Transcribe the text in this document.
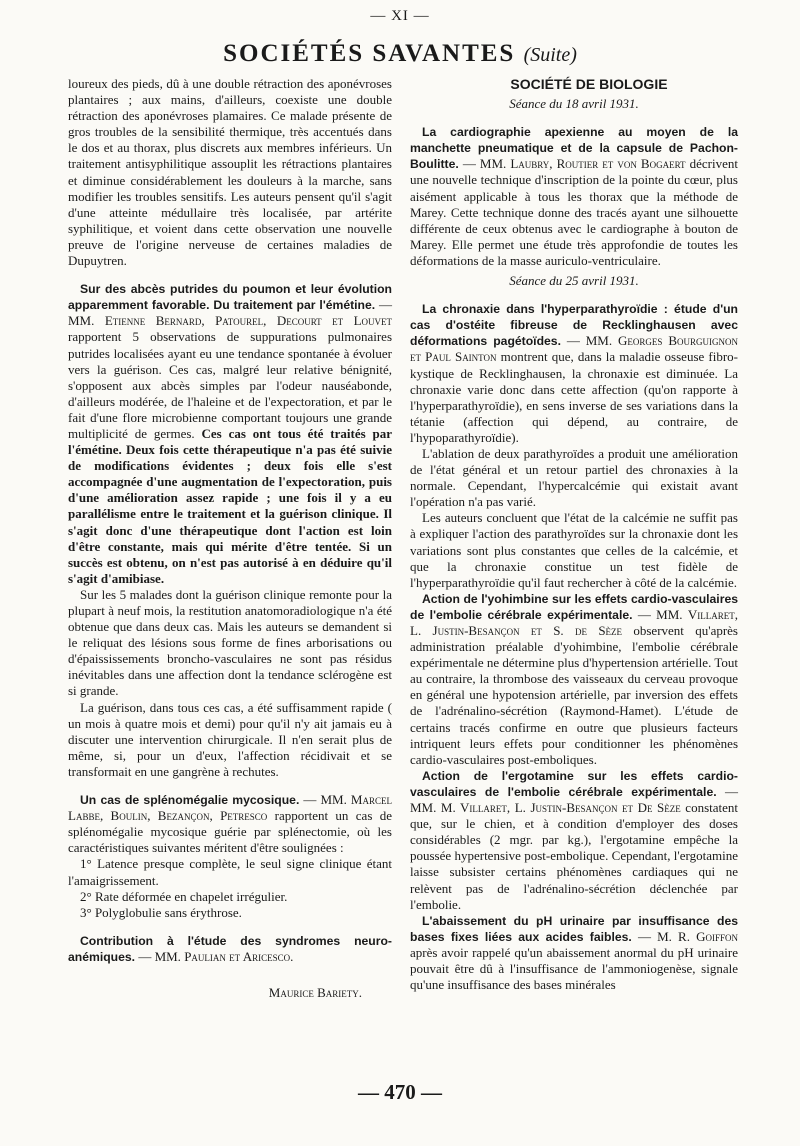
— XI —
SOCIÉTÉS SAVANTES (Suite)

loureux des pieds, dû à une double rétraction des aponévroses plantaires ; aux mains, d'ailleurs, coexiste une double rétraction des aponévroses plamaires. Ce malade présente de gros troubles de la sensibilité thermique, très accentués dans le dos et au thorax, plus discrets aux membres inférieurs. Un traitement antisyphilitique assouplit les rétractions plantaires et diminue considérablement les douleurs à la marche, sans modifier les troubles sensitifs. Les auteurs pensent qu'il s'agit d'une atteinte médullaire très localisée, par artérite syphilitique, et voient dans cette observation une nouvelle preuve de l'origine nerveuse de certaines maladies de Dupuytren.

Sur des abcès putrides du poumon et leur évolution apparemment favorable. Du traitement par l'émétine. — MM. Etienne Bernard, Patourel, Decourt et Louvet rapportent 5 observations de suppurations pulmonaires putrides localisées ayant eu une tendance spontanée à évoluer vers la guérison. Ces cas, malgré leur relative bénignité, s'opposent aux abcès simples par l'odeur nauséabonde, d'ailleurs modérée, de l'haleine et de l'expectoration, et par le fait d'une flore microbienne comportant toujours une grande multiplicité de germes. Ces cas ont tous été traités par l'émétine. Deux fois cette thérapeutique n'a pas été suivie de modifications évidentes ; deux fois elle s'est accompagnée d'une augmentation de l'expectoration, puis d'une amélioration assez rapide ; une fois il y a eu parallélisme entre le traitement et la guérison clinique. Il s'agit donc d'une thérapeutique dont l'action est loin d'être constante, mais qui mérite d'être tentée. Si un succès est obtenu, on n'est pas autorisé à en déduire qu'il s'agit d'amibiase.

Sur les 5 malades dont la guérison clinique remonte pour la plupart à neuf mois, la restitution anatomoradiologique n'a été obtenue que dans deux cas. Mais les auteurs se demandent si le reliquat des lésions sous forme de fines arborisations ou d'épaississements broncho-vasculaires ne sont pas résidus inévitables dans une affection dont la tendance sclérogène est si grande.

La guérison, dans tous ces cas, a été suffisamment rapide ( un mois à quatre mois et demi) pour qu'il n'y ait jamais eu à discuter une intervention chirurgicale. Il n'en serait plus de même, si, pour un d'eux, l'affection récidivait et se transformait en une gangrène à rechutes.

Un cas de splénomégalie mycosique. — MM. Marcel Labbe, Boulin, Bezançon, Petresco rapportent un cas de splénomégalie mycosique guérie par splénectomie, où les caractéristiques suivantes méritent d'être soulignées :

1° Latence presque complète, le seul signe clinique étant l'amaigrissement.

2° Rate déformée en chapelet irrégulier.

3° Polyglobulie sans érythrose.

Contribution à l'étude des syndromes neuro-anémiques. — MM. Paulian et Aricesco.

Maurice Bariety.

SOCIÉTÉ DE BIOLOGIE

Séance du 18 avril 1931.

La cardiographie apexienne au moyen de la manchette pneumatique et de la capsule de Pachon-Boulitte. — MM. Laubry, Routier et von Bogaert décrivent une nouvelle technique d'inscription de la pointe du cœur, plus aisément applicable à tous les thorax que la méthode de Marey. Cette technique donne des tracés ayant une silhouette différente de ceux obtenus avec le cardiographe à bouton de Marey. Elle permet une étude très approfondie de toutes les déformations de la masse auriculo-ventriculaire.

Séance du 25 avril 1931.

La chronaxie dans l'hyperparathyroïdie : étude d'un cas d'ostéite fibreuse de Recklinghausen avec déformations pagétoïdes. — MM. Georges Bourguignon et Paul Sainton montrent que, dans la maladie osseuse fibro-kystique de Recklinghausen, la chronaxie est diminuée. La chronaxie varie donc dans cette affection (qu'on rapporte à l'hyperparathyroïdie), en sens inverse de ses variations dans la tétanie (affection qui dépend, au contraire, de l'hypoparathyroïdie).

L'ablation de deux parathyroïdes a produit une amélioration de l'état général et un retour partiel des chronaxies à la normale. Cependant, l'hypercalcémie qui existait avant l'opération n'a pas varié.

Les auteurs concluent que l'état de la calcémie ne suffit pas à expliquer l'action des parathyroïdes sur la chronaxie dont les variations sont plus constantes que celles de la calcémie, et que la chronaxie constitue un test fidèle de l'hyperparathyroïdie qu'il faut rechercher à côté de la calcémie.

Action de l'yohimbine sur les effets cardio-vasculaires de l'embolie cérébrale expérimentale. — MM. Villaret, L. Justin-Besançon et S. de Sèze observent qu'après administration préalable d'yohimbine, l'embolie cérébrale expérimentale ne détermine plus d'hypertension artérielle. Tout au contraire, la thrombose des vaisseaux du cerveau provoque en général une hypotension artérielle, par inversion des effets de l'adrénalino-sécrétion (Raymond-Hamet). L'étude de certains tracés confirme en outre que plusieurs facteurs intriquent leurs effets pour conditionner les phénomènes cardio-vasculaires post-emboliques.

Action de l'ergotamine sur les effets cardio-vasculaires de l'embolie cérébrale expérimentale. — MM. M. Villaret, L. Justin-Besançon et De Sèze constatent que, sur le chien, et à condition d'employer des doses considérables (2 mgr. par kg.), l'ergotamine empêche la poussée hypertensive post-embolique. Cependant, l'ergotamine laisse subsister certains phénomènes cardiaques qui ne relèvent pas de l'adrénalino-sécrétion déclenchée par l'embolie.

L'abaissement du pH urinaire par insuffisance des bases fixes liées aux acides faibles. — M. R. Goiffon après avoir rappelé qu'un abaissement anormal du pH urinaire pouvait être dû à l'insuffisance de l'ammoniogenèse, signale qu'une insuffisance des bases minérales

— 470 —
